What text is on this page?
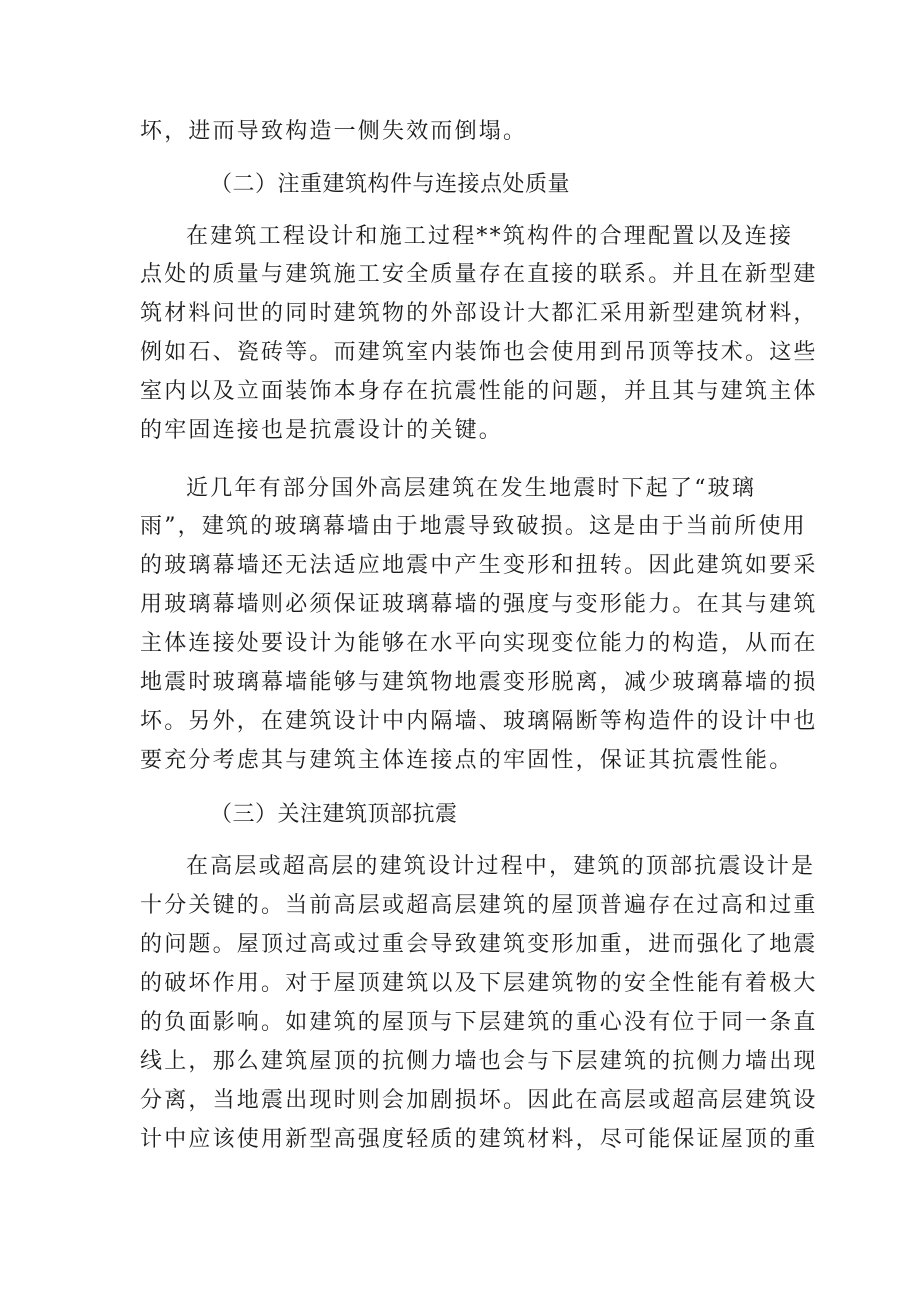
坏，进而导致构造一侧失效而倒塌。
（二）注重建筑构件与连接点处质量
在建筑工程设计和施工过程**筑构件的合理配置以及连接
点处的质量与建筑施工安全质量存在直接的联系。并且在新型建
筑材料问世的同时建筑物的外部设计大都汇采用新型建筑材料，
例如石、瓷砖等。而建筑室内装饰也会使用到吊顶等技术。这些
室内以及立面装饰本身存在抗震性能的问题，并且其与建筑主体
的牢固连接也是抗震设计的关键。
近几年有部分国外高层建筑在发生地震时下起了“玻璃
雨”，建筑的玻璃幕墙由于地震导致破损。这是由于当前所使用
的玻璃幕墙还无法适应地震中产生变形和扭转。因此建筑如要采
用玻璃幕墙则必须保证玻璃幕墙的强度与变形能力。在其与建筑
主体连接处要设计为能够在水平向实现变位能力的构造，从而在
地震时玻璃幕墙能够与建筑物地震变形脱离，减少玻璃幕墙的损
坏。另外，在建筑设计中内隔墙、玻璃隔断等构造件的设计中也
要充分考虑其与建筑主体连接点的牢固性，保证其抗震性能。
（三）关注建筑顶部抗震
在高层或超高层的建筑设计过程中，建筑的顶部抗震设计是
十分关键的。当前高层或超高层建筑的屋顶普遍存在过高和过重
的问题。屋顶过高或过重会导致建筑变形加重，进而强化了地震
的破坏作用。对于屋顶建筑以及下层建筑物的安全性能有着极大
的负面影响。如建筑的屋顶与下层建筑的重心没有位于同一条直
线上，那么建筑屋顶的抗侧力墙也会与下层建筑的抗侧力墙出现
分离，当地震出现时则会加剧损坏。因此在高层或超高层建筑设
计中应该使用新型高强度轻质的建筑材料，尽可能保证屋顶的重
